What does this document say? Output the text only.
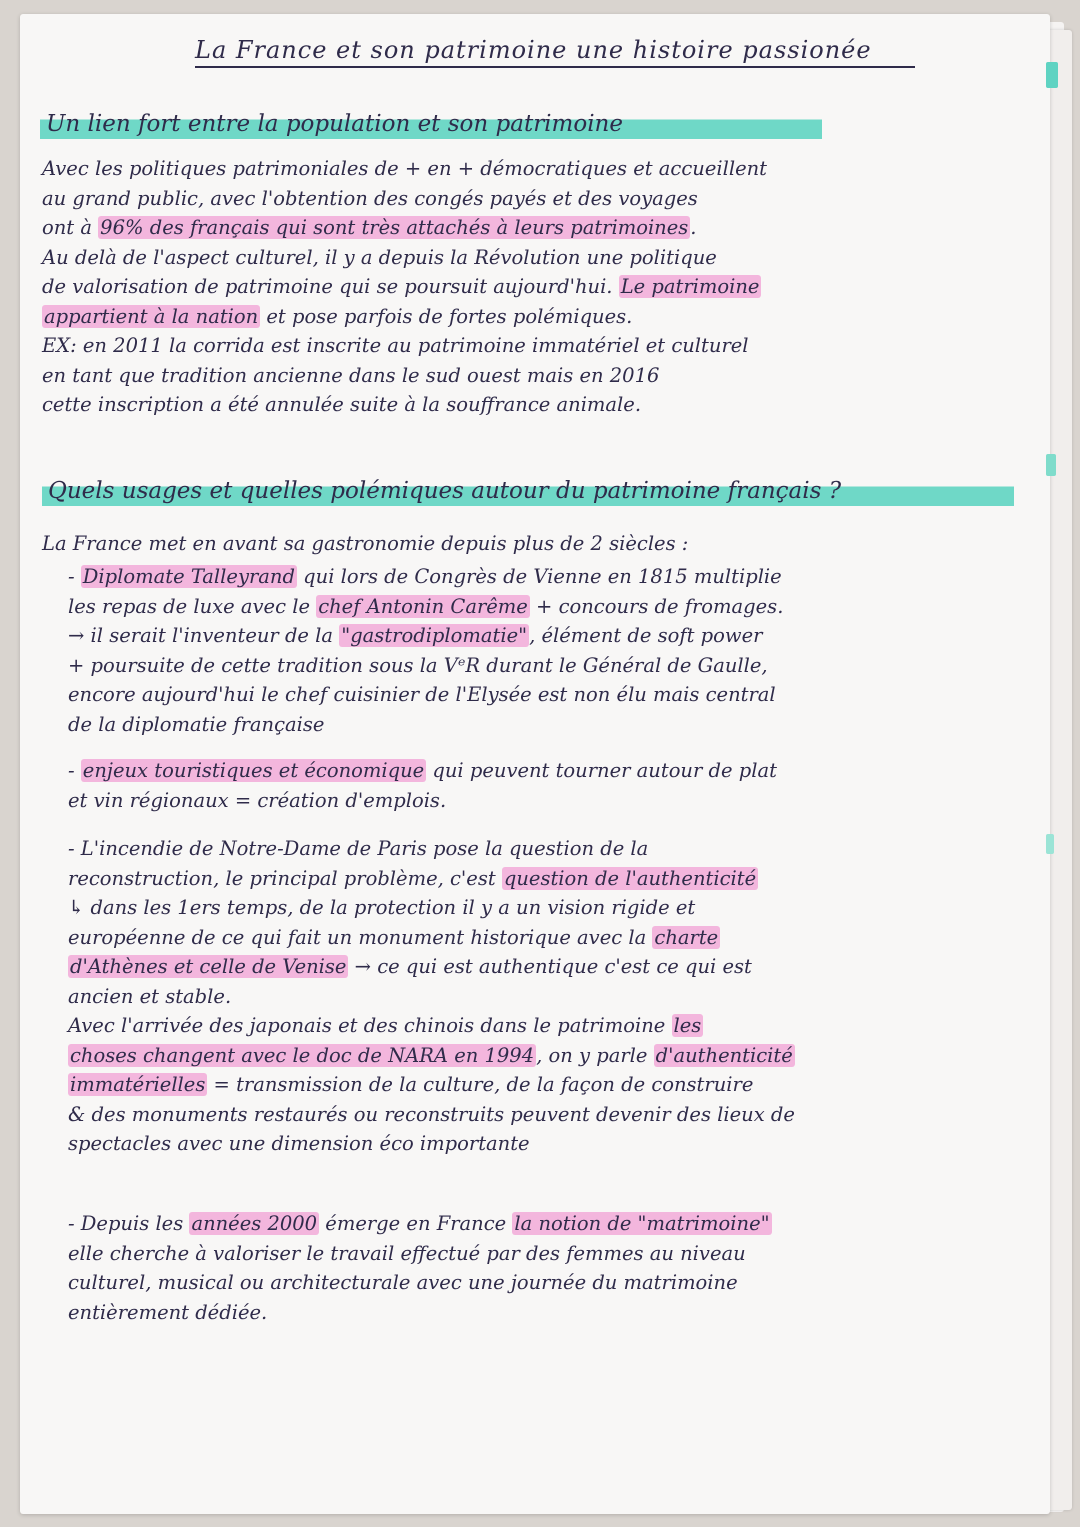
La France et son patrimoine une histoire passionée
Un lien fort entre la population et son patrimoine
Avec les politiques patrimoniales de + en + démocratiques et accueillent
au grand public, avec l'obtention des congés payés et des voyages
ont à 96% des français qui sont très attachés à leurs patrimoines .
Au delà de l'aspect culturel, il y a depuis la Révolution une politique
de valorisation de patrimoine qui se poursuit aujourd'hui. Le patrimoine
appartient à la nation et pose parfois de fortes polémiques.
EX: en 2011 la corrida est inscrite au patrimoine immatériel et culturel
en tant que tradition ancienne dans le sud ouest mais en 2016
cette inscription a été annulée suite à la souffrance animale.
Quels usages et quelles polémiques autour du patrimoine français ?
La France met en avant sa gastronomie depuis plus de 2 siècles :
- Diplomate Talleyrand qui lors de Congrès de Vienne en 1815 multiplie
les repas de luxe avec le chef Antonin Carême + concours de fromages.
→ il serait l'inventeur de la "gastrodiplomatie" , élément de soft power
+ poursuite de cette tradition sous la VᵉR durant le Général de Gaulle,
encore aujourd'hui le chef cuisinier de l'Elysée est non élu mais central
de la diplomatie française
- enjeux touristiques et économique qui peuvent tourner autour de plat
et vin régionaux = création d'emplois.
- L'incendie de Notre-Dame de Paris pose la question de la
reconstruction, le principal problème, c'est question de l'authenticité
↳ dans les 1ers temps, de la protection il y a un vision rigide et
européenne de ce qui fait un monument historique avec la charte
d'Athènes et celle de Venise → ce qui est authentique c'est ce qui est
ancien et stable.
Avec l'arrivée des japonais et des chinois dans le patrimoine les
choses changent avec le doc de NARA en 1994 , on y parle d'authenticité
immatérielles = transmission de la culture, de la façon de construire
& des monuments restaurés ou reconstruits peuvent devenir des lieux de
spectacles avec une dimension éco importante
- Depuis les années 2000 émerge en France la notion de "matrimoine"
elle cherche à valoriser le travail effectué par des femmes au niveau
culturel, musical ou architecturale avec une journée du matrimoine
entièrement dédiée.
